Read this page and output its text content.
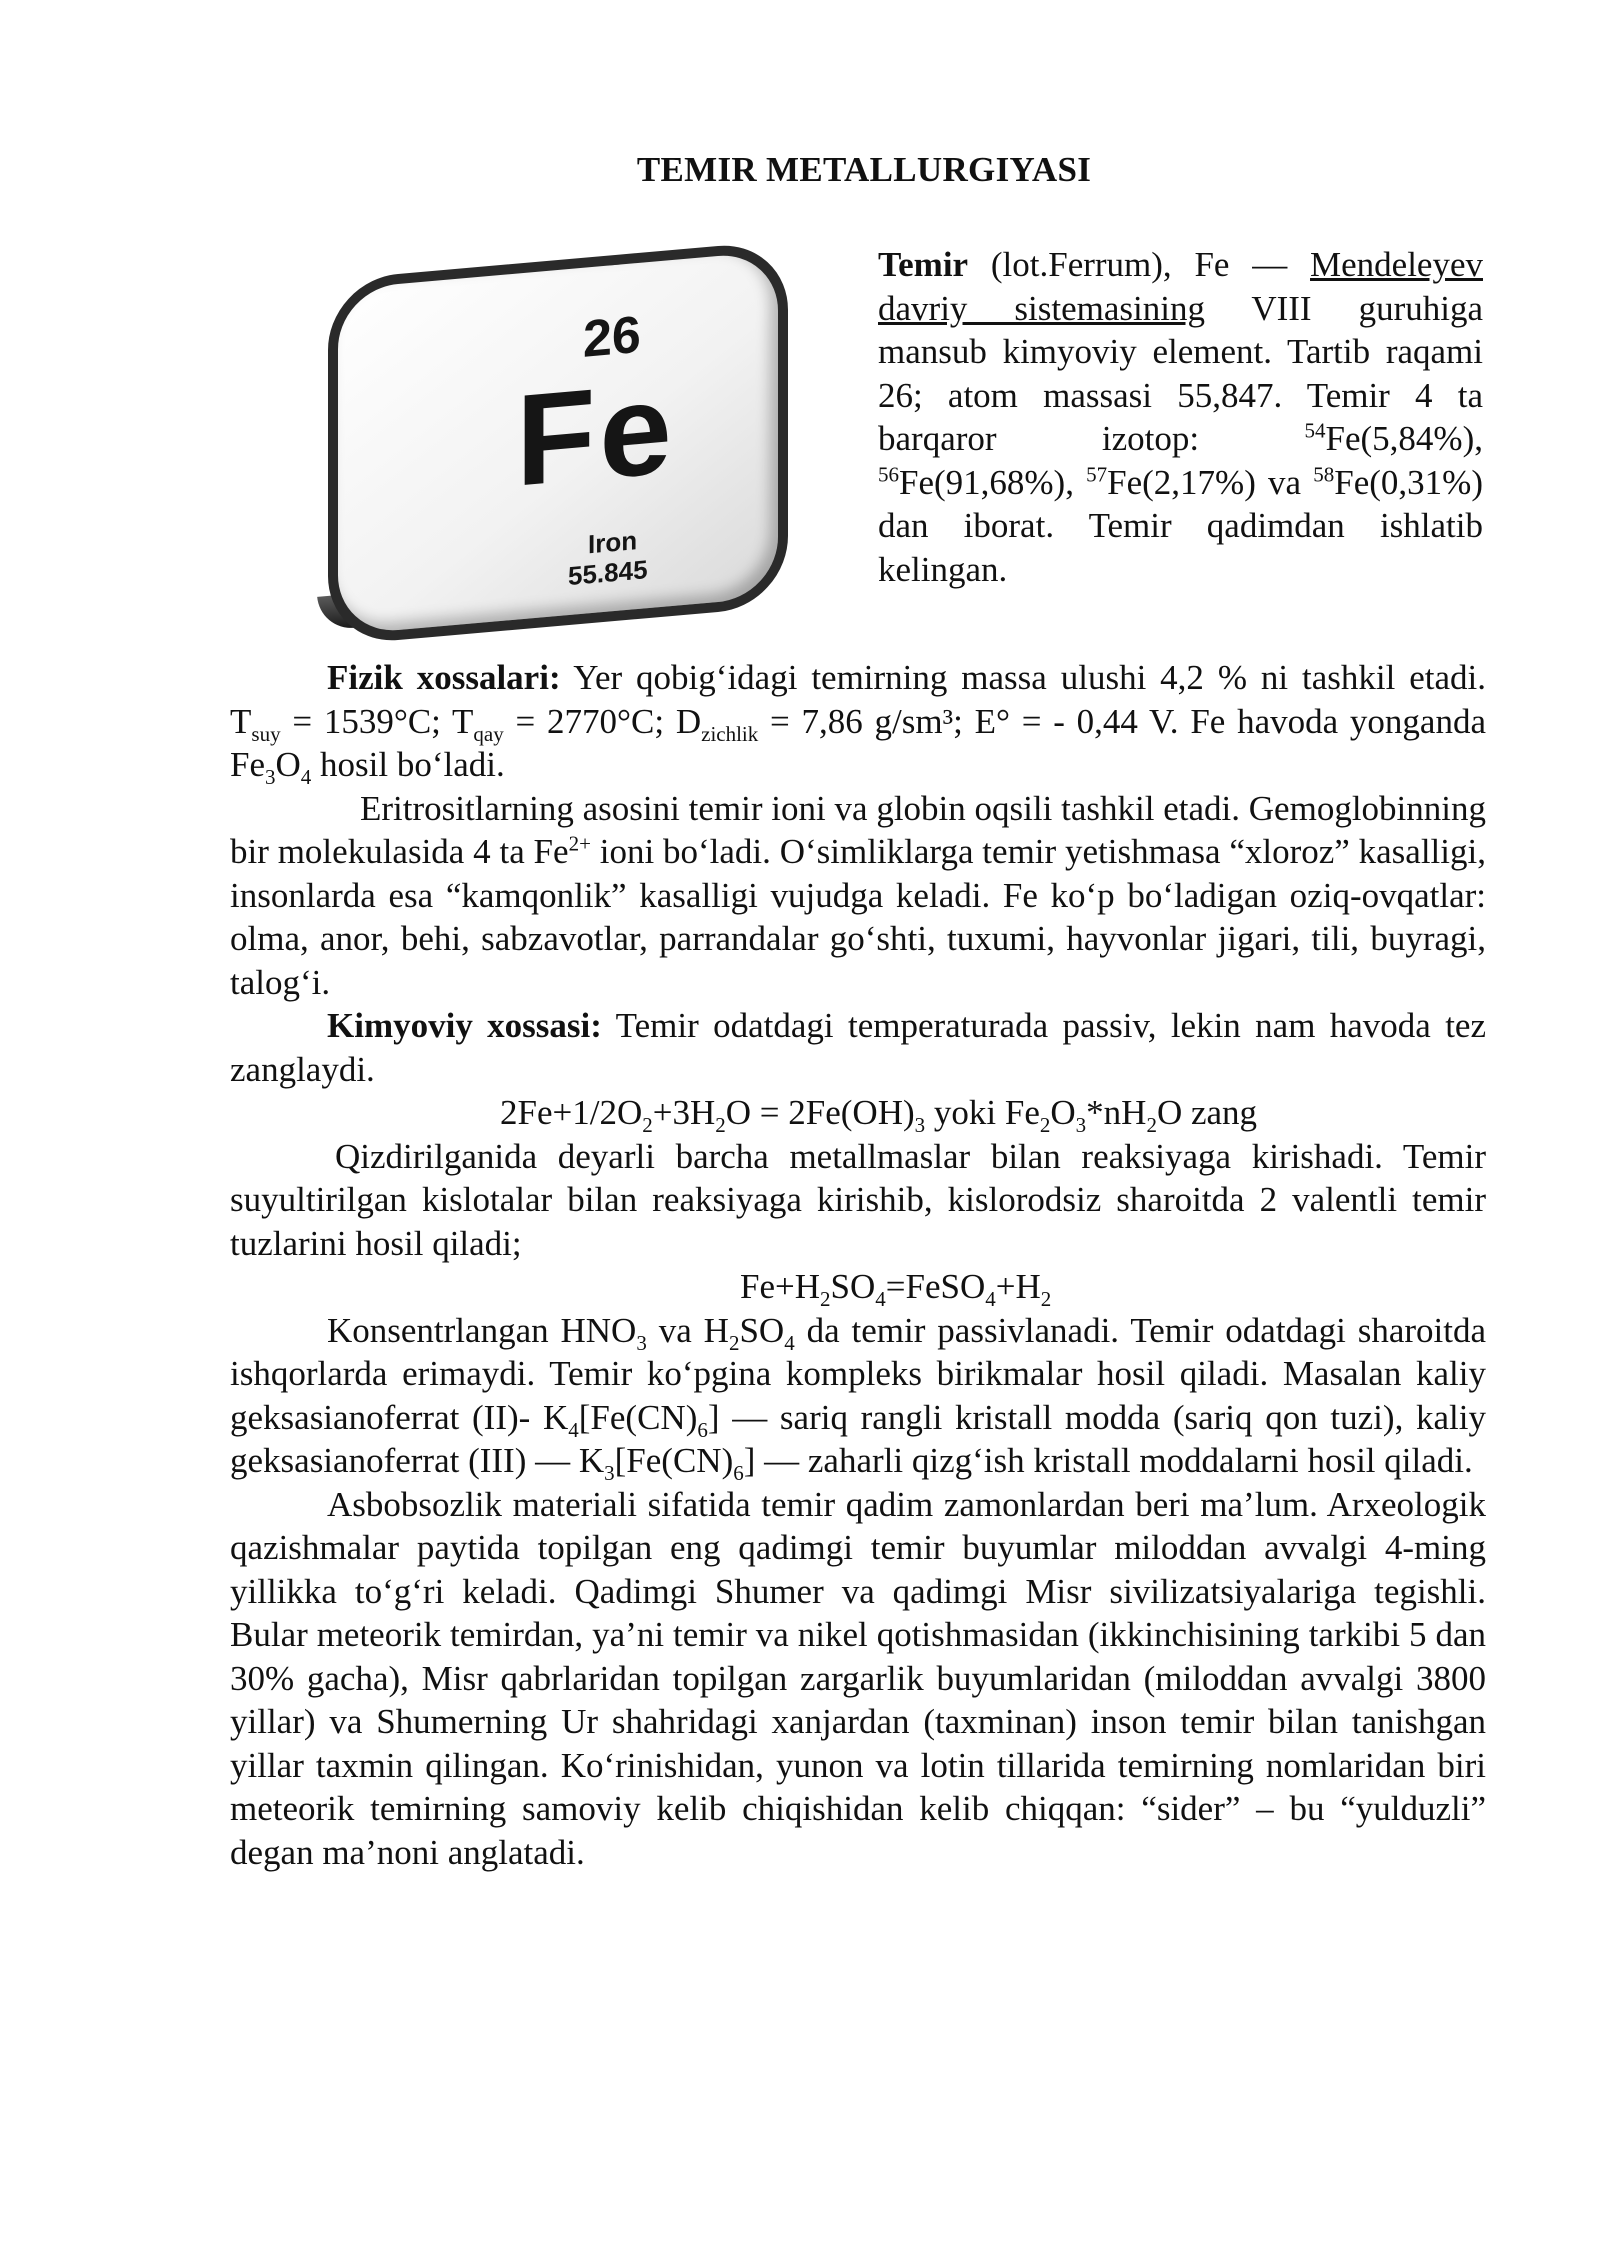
TEMIR METALLURGIYASI
26
Fe
Iron
55.845
Temir (lot.Ferrum), Fe — Mendeleyev davriy sistemasining VIII guruhiga mansub kimyoviy element. Tartib raqami 26; atom massasi 55,847. Temir 4 ta barqaror izotop: $^{54}$Fe(5,84%), $^{56}$Fe(91,68%), $^{57}$Fe(2,17%) va $^{58}$Fe(0,31%) dan iborat. Temir qadimdan ishlatib kelingan.

Fizik xossalari: Yer qobig‘idagi temirning massa ulushi 4,2 % ni tashkil etadi. $T_{suy} = 1539^\circ C$; $T_{qay} = 2770^\circ C$; $D_{zichlik} = 7,86$ g/sm³; E° = - 0,44 V. Fe havoda yonganda $Fe_3O_4$ hosil bo‘ladi.

Eritrositlarning asosini temir ioni va globin oqsili tashkil etadi. Gemoglobinning bir molekulasida 4 ta $Fe^{2+}$ ioni bo‘ladi. O‘simliklarga temir yetishmasa “xloroz” kasalligi, insonlarda esa “kamqonlik” kasalligi vujudga keladi. Fe ko‘p bo‘ladigan oziq-ovqatlar: olma, anor, behi, sabzavotlar, parrandalar go‘shti, tuxumi, hayvonlar jigari, tili, buyragi, talog‘i.

Kimyoviy xossasi: Temir odatdagi temperaturada passiv, lekin nam havoda tez zanglaydi.

$2Fe+1/2O_2+3H_2O = 2Fe(OH)_3$ yoki $Fe_2O_3*nH_2O$ zang

Qizdirilganida deyarli barcha metallmaslar bilan reaksiyaga kirishadi. Temir suyultirilgan kislotalar bilan reaksiyaga kirishib, kislorodsiz sharoitda 2 valentli temir tuzlarini hosil qiladi;

$Fe+H_2SO_4=FeSO_4+H_2$

Konsentrlangan $HNO_3$ va $H_2SO_4$ da temir passivlanadi. Temir odatdagi sharoitda ishqorlarda erimaydi. Temir ko‘pgina kompleks birikmalar hosil qiladi. Masalan kaliy geksasianoferrat (II)- $K_4[Fe(CN)_6]$ — sariq rangli kristall modda (sariq qon tuzi), kaliy geksasianoferrat (III) — $K_3[Fe(CN)_6]$ — zaharli qizg‘ish kristall moddalarni hosil qiladi.

Asbobsozlik materiali sifatida temir qadim zamonlardan beri ma’lum. Arxeologik qazishmalar paytida topilgan eng qadimgi temir buyumlar miloddan avvalgi 4-ming yillikka to‘g‘ri keladi. Qadimgi Shumer va qadimgi Misr sivilizatsiyalariga tegishli. Bular meteorik temirdan, ya’ni temir va nikel qotishmasidan (ikkinchisining tarkibi 5 dan 30% gacha), Misr qabrlaridan topilgan zargarlik buyumlaridan (miloddan avvalgi 3800 yillar) va Shumerning Ur shahridagi xanjardan (taxminan) inson temir bilan tanishgan yillar taxmin qilingan. Ko‘rinishidan, yunon va lotin tillarida temirning nomlaridan biri meteorik temirning samoviy kelib chiqishidan kelib chiqqan: “sider” – bu “yulduzli” degan ma’noni anglatadi.
